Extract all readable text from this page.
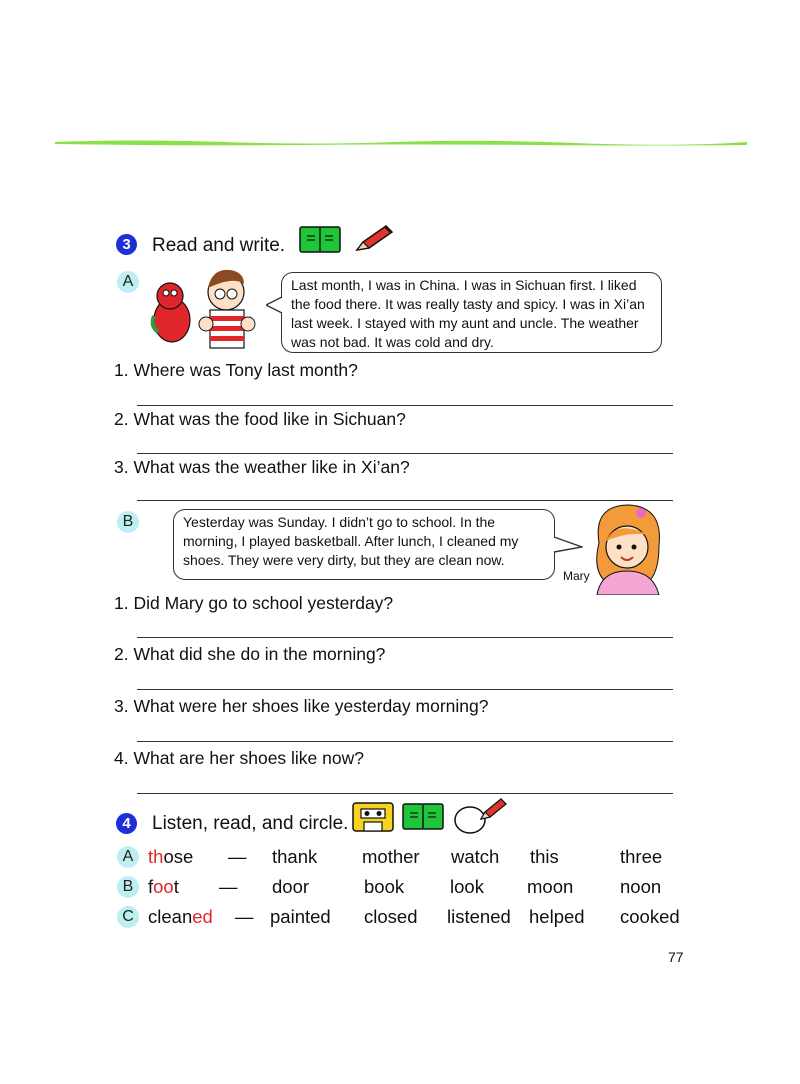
3	Read and write.
A	Last month, I was in China. I was in Sichuan first. I liked the food there. It was really tasty and spicy. I was in Xi’an last week. I stayed with my aunt and uncle. The weather was not bad. It was cold and dry.
1. Where was Tony last month?
2. What was the food like in Sichuan?
3. What was the weather like in Xi’an?
B	Yesterday was Sunday. I didn’t go to school. In the morning, I played basketball. After lunch, I cleaned my shoes. They were very dirty, but they are clean now.
Mary
1. Did Mary go to school yesterday?
2. What did she do in the morning?
3. What were her shoes like yesterday morning?
4. What are her shoes like now?
4	Listen, read, and circle.
A those — thank mother watch this	three
B foot — door	book look moon	noon
C cleaned — painted closed listened helped cooked
77
